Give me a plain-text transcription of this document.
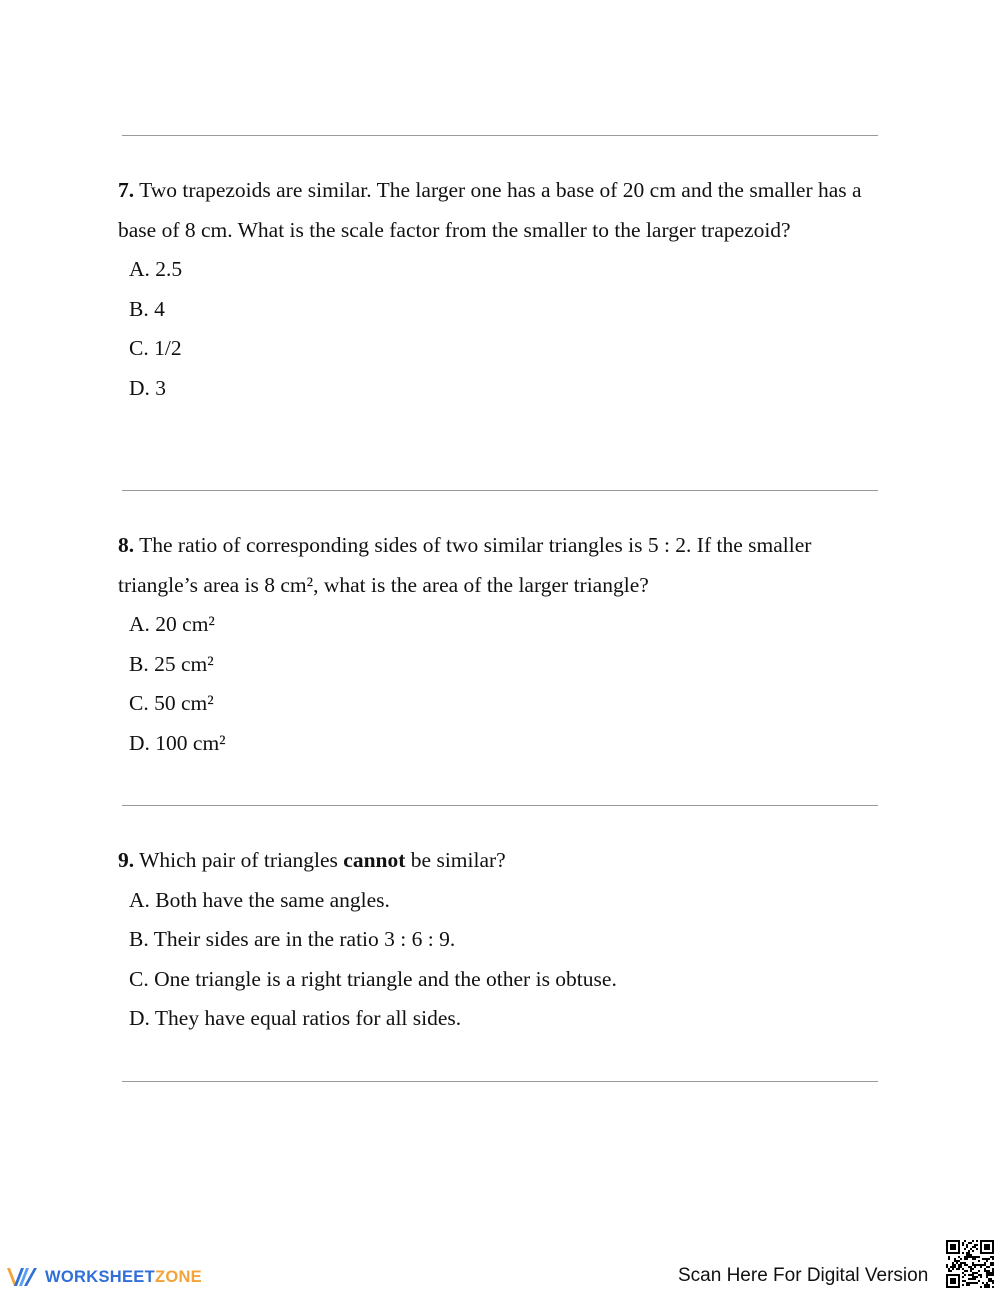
7. Two trapezoids are similar. The larger one has a base of 20 cm and the smaller has a base of 8 cm. What is the scale factor from the smaller to the larger trapezoid?

A. 2.5
B. 4
C. 1/2
D. 3

8. The ratio of corresponding sides of two similar triangles is 5 : 2. If the smaller triangle’s area is 8 cm², what is the area of the larger triangle?

A. 20 cm²
B. 25 cm²
C. 50 cm²
D. 100 cm²

9. Which pair of triangles cannot be similar?

A. Both have the same angles.
B. Their sides are in the ratio 3 : 6 : 9.
C. One triangle is a right triangle and the other is obtuse.
D. They have equal ratios for all sides.
WORKSHEETZONE	Scan Here For Digital Version
